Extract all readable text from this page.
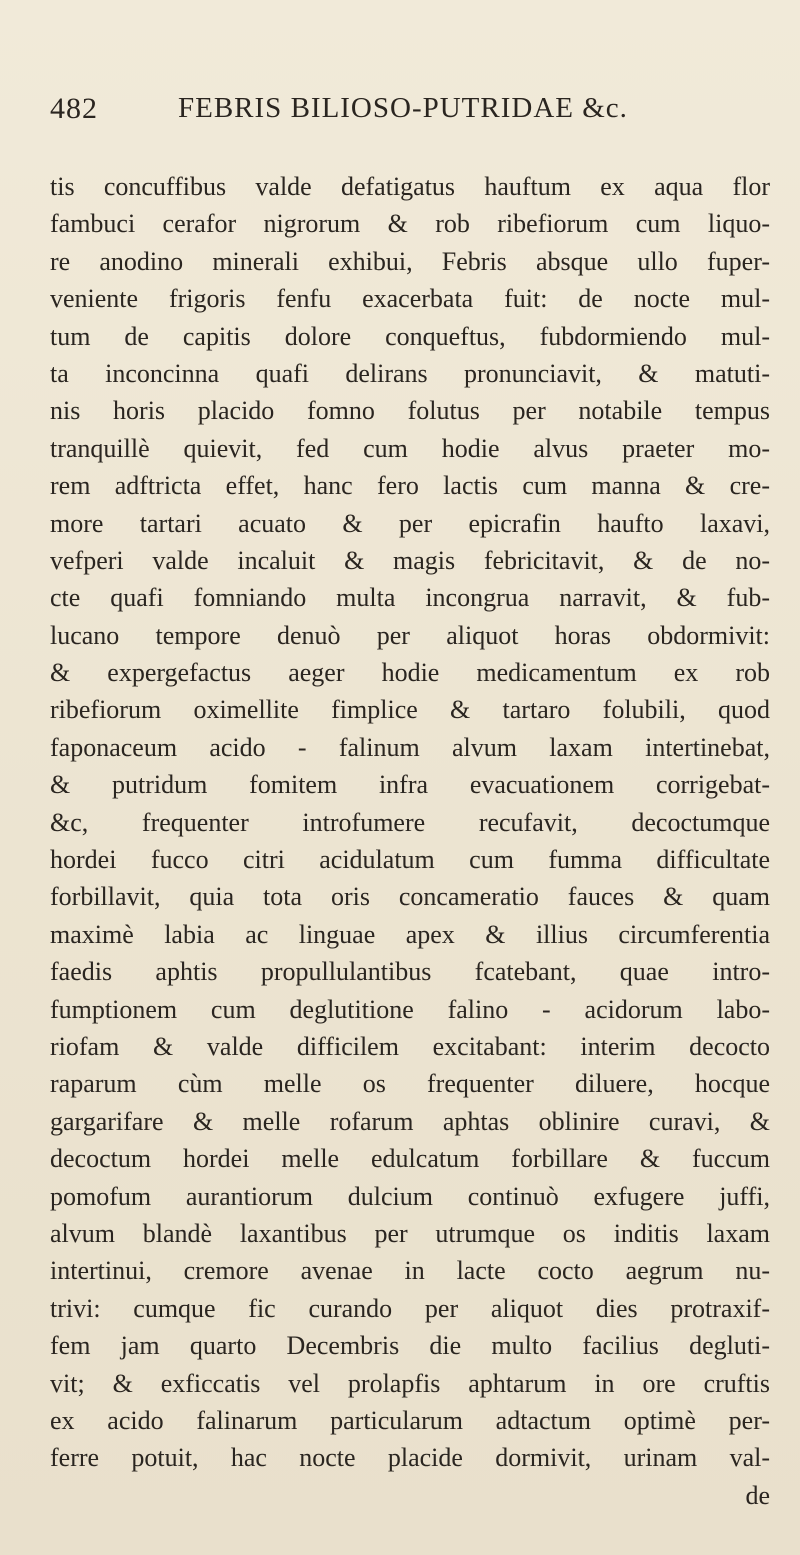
482	FEBRIS BILIOSO-PUTRIDAE &c.
tis concuffibus valde defatigatus hauftum ex aqua flor
fambuci cerafor nigrorum & rob ribefiorum cum liquo-
re anodino minerali exhibui, Febris absque ullo fuper-
veniente frigoris fenfu exacerbata fuit: de nocte mul-
tum de capitis dolore conqueftus, fubdormiendo mul-
ta inconcinna quafi delirans pronunciavit, & matuti-
nis horis placido fomno folutus per notabile tempus
tranquillè quievit, fed cum hodie alvus praeter mo-
rem adftricta effet, hanc fero lactis cum manna & cre-
more tartari acuato & per epicrafin haufto laxavi,
vefperi valde incaluit & magis febricitavit, & de no-
cte quafi fomniando multa incongrua narravit, & fub-
lucano tempore denuò per aliquot horas obdormivit:
& expergefactus aeger hodie medicamentum ex rob
ribefiorum oximellite fimplice & tartaro folubili, quod
faponaceum acido - falinum alvum laxam intertinebat,
& putridum fomitem infra evacuationem corrigebat-
&c, frequenter introfumere recufavit, decoctumque
hordei fucco citri acidulatum cum fumma difficultate
forbillavit, quia tota oris concameratio fauces & quam
maximè labia ac linguae apex & illius circumferentia
faedis aphtis propullulantibus fcatebant, quae intro-
fumptionem cum deglutitione falino - acidorum labo-
riofam & valde difficilem excitabant: interim decocto
raparum cùm melle os frequenter diluere, hocque
gargarifare & melle rofarum aphtas oblinire curavi, &
decoctum hordei melle edulcatum forbillare & fuccum
pomofum aurantiorum dulcium continuò exfugere juffi,
alvum blandè laxantibus per utrumque os inditis laxam
intertinui, cremore avenae in lacte cocto aegrum nu-
trivi: cumque fic curando per aliquot dies protraxif-
fem jam quarto Decembris die multo facilius degluti-
vit; & exficcatis vel prolapfis aphtarum in ore cruftis
ex acido falinarum particularum adtactum optimè per-
ferre potuit, hac nocte placide dormivit, urinam val-
de
